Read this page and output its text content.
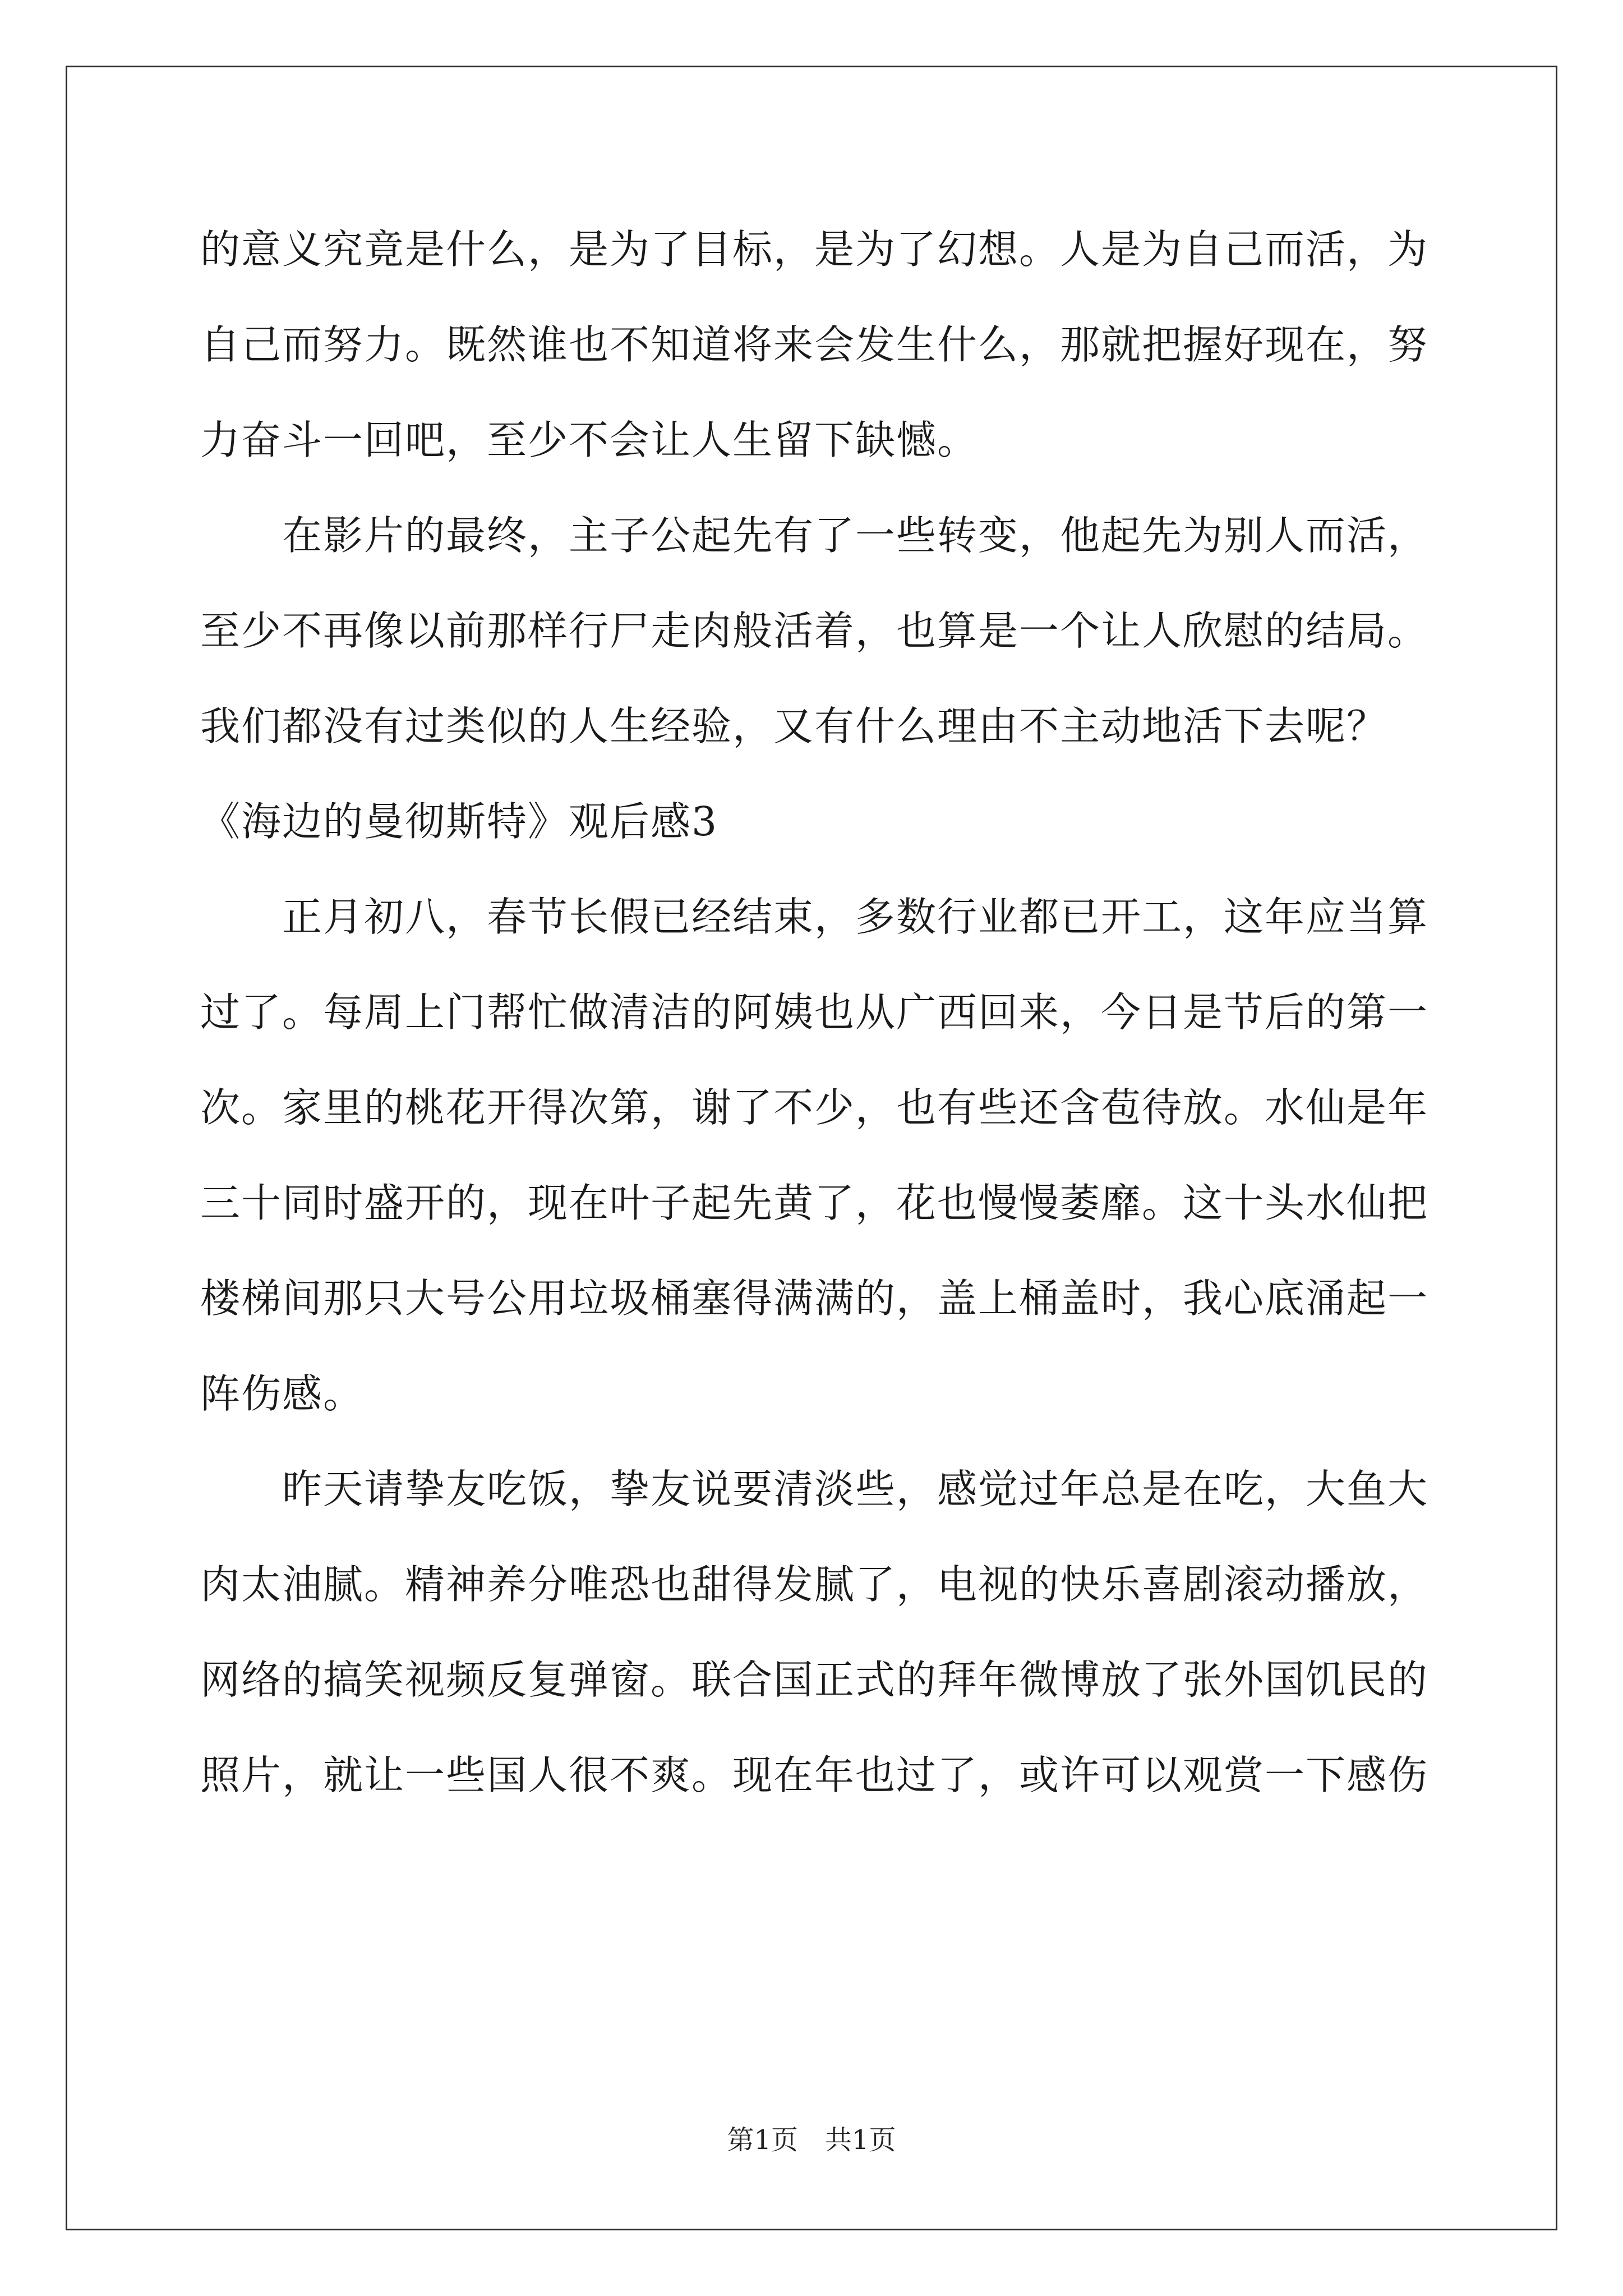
的意义究竟是什么，是为了目标，是为了幻想。人是为自己而活，为自己而努力。既然谁也不知道将来会发生什么，那就把握好现在，努力奋斗一回吧，至少不会让人生留下缺憾。

在影片的最终，主子公起先有了一些转变，他起先为别人而活，至少不再像以前那样行尸走肉般活着，也算是一个让人欣慰的结局。我们都没有过类似的人生经验，又有什么理由不主动地活下去呢？

《海边的曼彻斯特》观后感3

正月初八，春节长假已经结束，多数行业都已开工，这年应当算过了。每周上门帮忙做清洁的阿姨也从广西回来，今日是节后的第一次。家里的桃花开得次第，谢了不少，也有些还含苞待放。水仙是年三十同时盛开的，现在叶子起先黄了，花也慢慢萎靡。这十头水仙把楼梯间那只大号公用垃圾桶塞得满满的，盖上桶盖时，我心底涌起一阵伤感。

昨天请挚友吃饭，挚友说要清淡些，感觉过年总是在吃，大鱼大肉太油腻。精神养分唯恐也甜得发腻了，电视的快乐喜剧滚动播放，网络的搞笑视频反复弹窗。联合国正式的拜年微博放了张外国饥民的照片，就让一些国人很不爽。现在年也过了，或许可以观赏一下感伤

第1页 共1页
